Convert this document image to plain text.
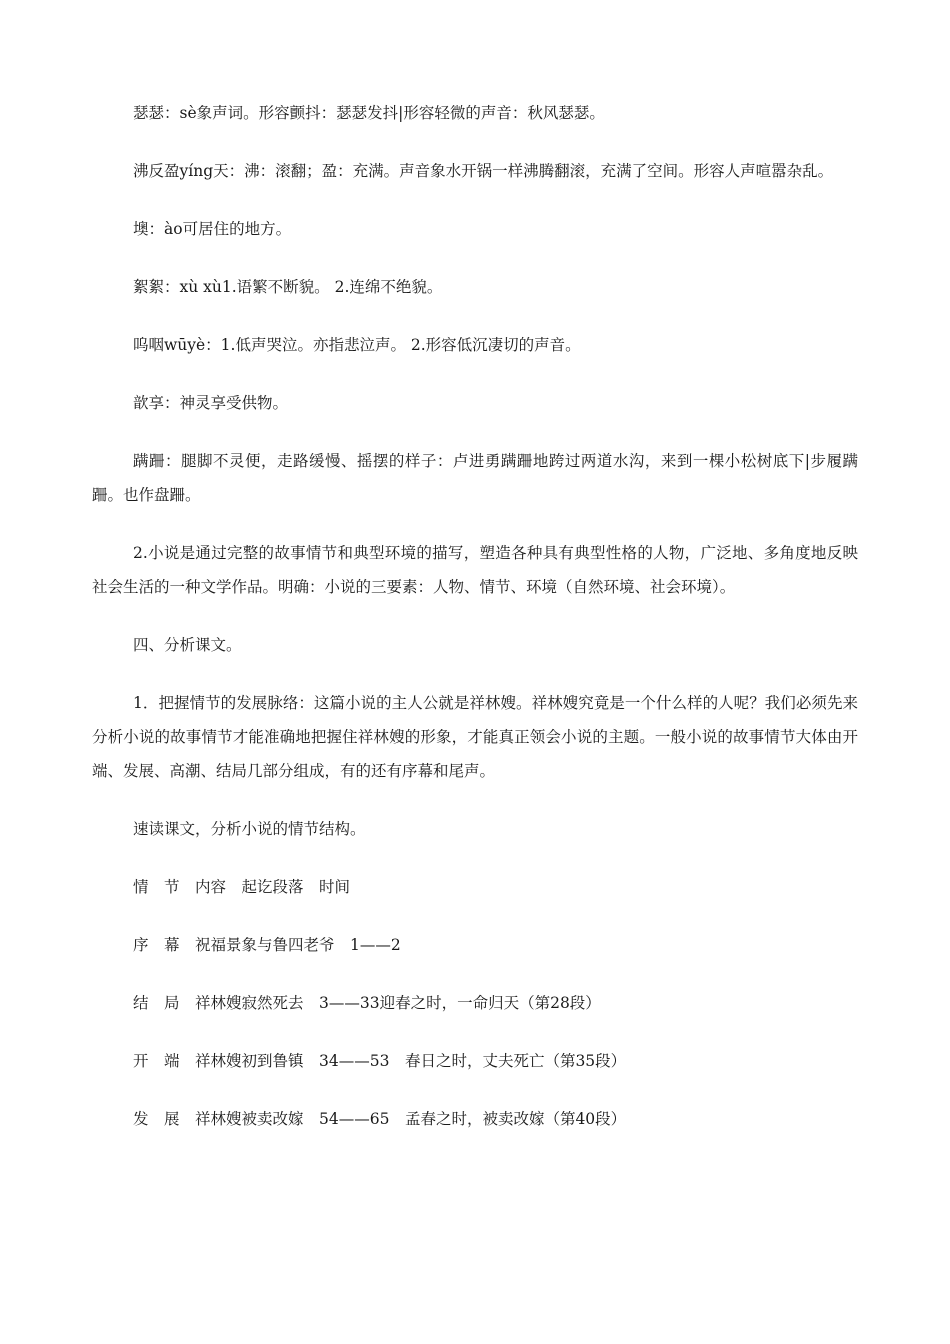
瑟瑟：sè象声词。形容颤抖：瑟瑟发抖|形容轻微的声音：秋风瑟瑟。

沸反盈yíng天：沸：滚翻；盈：充满。声音象水开锅一样沸腾翻滚，充满了空间。形容人声喧嚣杂乱。

墺：ào可居住的地方。

絮絮：xù xù1.语繁不断貌。 2.连绵不绝貌。

呜咽wūyè：1.低声哭泣。亦指悲泣声。 2.形容低沉凄切的声音。

歆享：神灵享受供物。

蹒跚：腿脚不灵便，走路缓慢、摇摆的样子：卢进勇蹒跚地跨过两道水沟，来到一棵小松树底下|步履蹒跚。也作盘跚。

2.小说是通过完整的故事情节和典型环境的描写，塑造各种具有典型性格的人物，广泛地、多角度地反映社会生活的一种文学作品。明确：小说的三要素：人物、情节、环境（自然环境、社会环境）。

四、分析课文。

1．把握情节的发展脉络：这篇小说的主人公就是祥林嫂。祥林嫂究竟是一个什么样的人呢？我们必须先来分析小说的故事情节才能准确地把握住祥林嫂的形象，才能真正领会小说的主题。一般小说的故事情节大体由开端、发展、高潮、结局几部分组成，有的还有序幕和尾声。

速读课文，分析小说的情节结构。

情　节　内容　起讫段落　时间

序　幕　祝福景象与鲁四老爷　1——2

结　局　祥林嫂寂然死去　3——33迎春之时，一命归天（第28段）

开　端　祥林嫂初到鲁镇　34——53　春日之时，丈夫死亡（第35段）

发　展　祥林嫂被卖改嫁　54——65　孟春之时，被卖改嫁（第40段）
